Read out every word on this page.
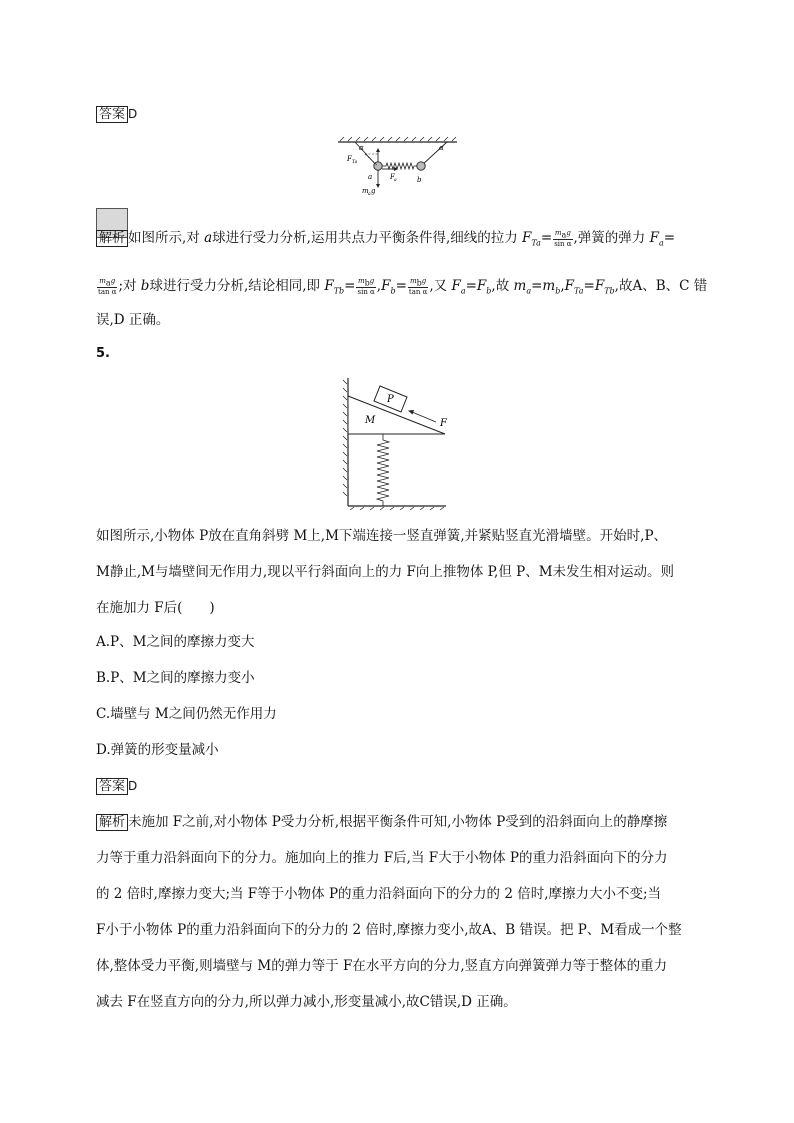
答案 D
α	α
F Ta
F a
a	b
m a g
解析 如图所示,对 a球进行受力分析,运用共点力平衡条件得,细线的拉力 $F_{Ta}= \frac{m_ag}{\text{sin α}}$ ,弹簧的弹力 $F_a=$
$\frac{m_ag}{\text{tan α}}$ ;对 b球进行受力分析,结论相同,即 $F_{Tb}= \frac{m_bg}{\text{sin α}} ,F_b= \frac{m_bg}{\text{tan α}}$ ,又 $F_a=F_b$,故 $m_a=m_b,F_{Ta}=F_{Tb}$,故A、B、C 错
误,D 正确。
5.
P
M	F
如图所示,小物体 P放在直角斜劈 M上,M下端连接一竖直弹簧,并紧贴竖直光滑墙壁。开始时,P、
M静止,M与墙壁间无作用力,现以平行斜面向上的力 F向上推物体 P,但 P、M未发生相对运动。则
在施加力 F后(　　)
A.P、M之间的摩擦力变大
B.P、M之间的摩擦力变小
C.墙壁与 M之间仍然无作用力
D.弹簧的形变量减小
答案 D
解析 未施加 F之前,对小物体 P受力分析,根据平衡条件可知,小物体 P受到的沿斜面向上的静摩擦
力等于重力沿斜面向下的分力。施加向上的推力 F后,当 F大于小物体 P的重力沿斜面向下的分力
的 2 倍时,摩擦力变大;当 F等于小物体 P的重力沿斜面向下的分力的 2 倍时,摩擦力大小不变;当
F小于小物体 P的重力沿斜面向下的分力的 2 倍时,摩擦力变小,故A、B 错误。把 P、M看成一个整
体,整体受力平衡,则墙壁与 M的弹力等于 F在水平方向的分力,竖直方向弹簧弹力等于整体的重力
减去 F在竖直方向的分力,所以弹力减小,形变量减小,故C错误,D 正确。
